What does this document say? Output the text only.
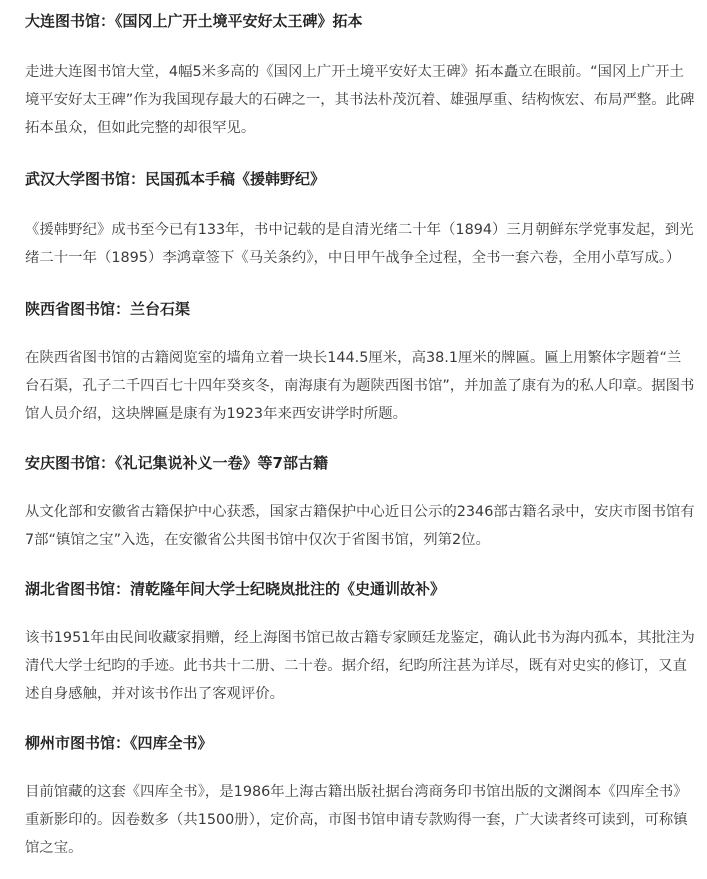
大连图书馆：《国冈上广开土境平安好太王碑》拓本

走进大连图书馆大堂，4幅5米多高的《国冈上广开土境平安好太王碑》拓本矗立在眼前。“国冈上广开土境平安好太王碑”作为我国现存最大的石碑之一，其书法朴茂沉着、雄强厚重、结构恢宏、布局严整。此碑拓本虽众，但如此完整的却很罕见。

武汉大学图书馆：民国孤本手稿《援韩野纪》

《援韩野纪》成书至今已有133年，书中记载的是自清光绪二十年（1894）三月朝鲜东学党事发起，到光绪二十一年（1895）李鸿章签下《马关条约》，中日甲午战争全过程，全书一套六卷，全用小草写成。）

陕西省图书馆：兰台石渠

在陕西省图书馆的古籍阅览室的墙角立着一块长144.5厘米，高38.1厘米的牌匾。匾上用繁体字题着“兰台石渠，孔子二千四百七十四年癸亥冬，南海康有为题陕西图书馆”，并加盖了康有为的私人印章。据图书馆人员介绍，这块牌匾是康有为1923年来西安讲学时所题。

安庆图书馆：《礼记集说补义一卷》等7部古籍

从文化部和安徽省古籍保护中心获悉，国家古籍保护中心近日公示的2346部古籍名录中，安庆市图书馆有7部“镇馆之宝”入选，在安徽省公共图书馆中仅次于省图书馆，列第2位。

湖北省图书馆：清乾隆年间大学士纪晓岚批注的《史通训故补》

该书1951年由民间收藏家捐赠，经上海图书馆已故古籍专家顾廷龙鉴定，确认此书为海内孤本，其批注为清代大学士纪昀的手迹。此书共十二册、二十卷。据介绍，纪昀所注甚为详尽，既有对史实的修订，又直述自身感触，并对该书作出了客观评价。

柳州市图书馆：《四库全书》

目前馆藏的这套《四库全书》，是1986年上海古籍出版社据台湾商务印书馆出版的文渊阁本《四库全书》重新影印的。因卷数多（共1500册），定价高，市图书馆申请专款购得一套，广大读者终可读到，可称镇馆之宝。
